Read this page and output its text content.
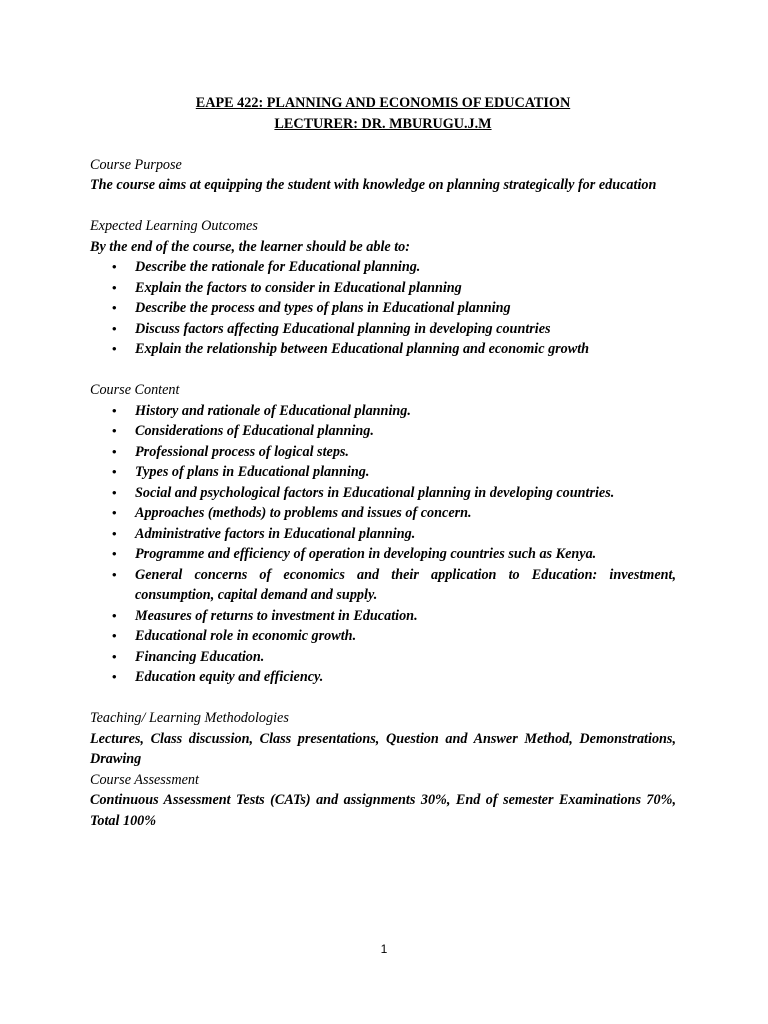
EAPE 422: PLANNING AND ECONOMIS OF EDUCATION
LECTURER: DR. MBURUGU.J.M
Course Purpose
The course aims at equipping the student with knowledge on planning strategically for education
Expected Learning Outcomes
By the end of the course, the learner should be able to:
• Describe the rationale for Educational planning.
• Explain the factors to consider in Educational planning
• Describe the process and types of plans in Educational planning
• Discuss factors affecting Educational planning in developing countries
• Explain the relationship between Educational planning and economic growth
Course Content
• History and rationale of Educational planning.
• Considerations of Educational planning.
• Professional process of logical steps.
• Types of plans in Educational planning.
• Social and psychological factors in Educational planning in developing countries.
• Approaches (methods) to problems and issues of concern.
• Administrative factors in Educational planning.
• Programme and efficiency of operation in developing countries such as Kenya.
• General concerns of economics and their application to Education: investment, consumption, capital demand and supply.
• Measures of returns to investment in Education.
• Educational role in economic growth.
• Financing Education.
• Education equity and efficiency.
Teaching/ Learning Methodologies
Lectures, Class discussion, Class presentations, Question and Answer Method, Demonstrations, Drawing
Course Assessment
Continuous Assessment Tests (CATs) and assignments 30%, End of semester Examinations 70%, Total 100%
1
